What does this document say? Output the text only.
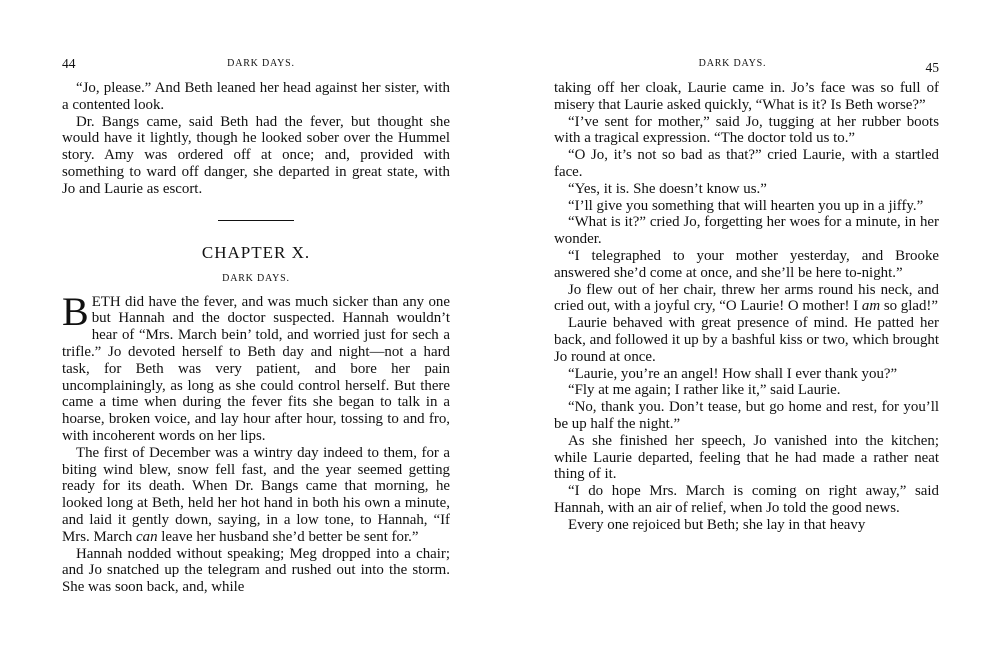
44	DARK DAYS.

“Jo, please.” And Beth leaned her head against her sister, with a contented look.

Dr. Bangs came, said Beth had the fever, but thought she would have it lightly, though he looked sober over the Hummel story. Amy was ordered off at once; and, provided with something to ward off danger, she departed in great state, with Jo and Laurie as escort.

CHAPTER X.
DARK DAYS.

BETH did have the fever, and was much sicker than any one but Hannah and the doctor suspected. Hannah wouldn’t hear of “Mrs. March bein’ told, and worried just for sech a trifle.” Jo devoted herself to Beth day and night—not a hard task, for Beth was very patient, and bore her pain uncomplainingly, as long as she could control herself. But there came a time when during the fever fits she began to talk in a hoarse, broken voice, and lay hour after hour, tossing to and fro, with incoherent words on her lips.

The first of December was a wintry day indeed to them, for a biting wind blew, snow fell fast, and the year seemed getting ready for its death. When Dr. Bangs came that morning, he looked long at Beth, held her hot hand in both his own a minute, and laid it gently down, saying, in a low tone, to Hannah, “If Mrs. March can leave her husband she’d better be sent for.”

Hannah nodded without speaking; Meg dropped into a chair; and Jo snatched up the telegram and rushed out into the storm. She was soon back, and, while

DARK DAYS.	45

taking off her cloak, Laurie came in. Jo’s face was so full of misery that Laurie asked quickly, “What is it? Is Beth worse?”

“I’ve sent for mother,” said Jo, tugging at her rubber boots with a tragical expression. “The doctor told us to.”

“O Jo, it’s not so bad as that?” cried Laurie, with a startled face.

“Yes, it is. She doesn’t know us.”

“I’ll give you something that will hearten you up in a jiffy.”

“What is it?” cried Jo, forgetting her woes for a minute, in her wonder.

“I telegraphed to your mother yesterday, and Brooke answered she’d come at once, and she’ll be here to-night.”

Jo flew out of her chair, threw her arms round his neck, and cried out, with a joyful cry, “O Laurie! O mother! I am so glad!”

Laurie behaved with great presence of mind. He patted her back, and followed it up by a bashful kiss or two, which brought Jo round at once.

“Laurie, you’re an angel! How shall I ever thank you?”

“Fly at me again; I rather like it,” said Laurie.

“No, thank you. Don’t tease, but go home and rest, for you’ll be up half the night.”

As she finished her speech, Jo vanished into the kitchen; while Laurie departed, feeling that he had made a rather neat thing of it.

“I do hope Mrs. March is coming on right away,” said Hannah, with an air of relief, when Jo told the good news.

Every one rejoiced but Beth; she lay in that heavy
